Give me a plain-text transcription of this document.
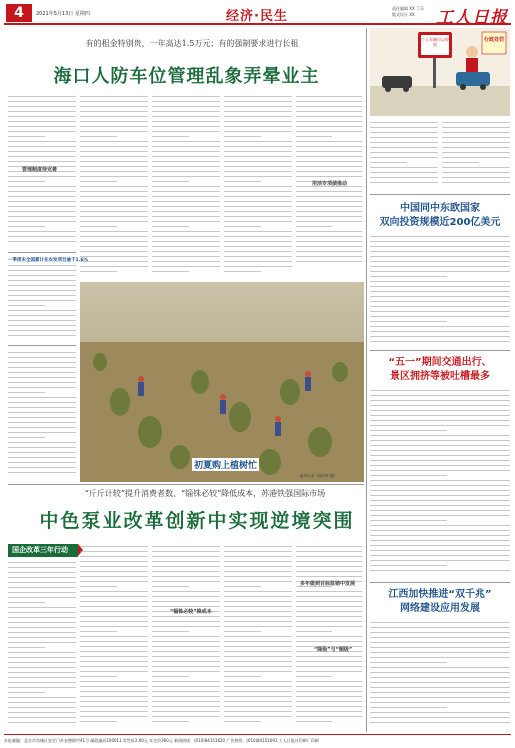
4	2021年5月13日 星期四	经济·民生
责任编辑 XX 丁乐
版式设计 XX	工人日报
有的租金特别贵，一年高达1.5万元；有的强制要求进行长租
海口人防车位管理乱象弄晕业主
管理制度待完善
用活专项债推动
一季度末全国累计在农发项目逾千1.6%
初夏购上植树忙
新华社发（杨学军 摄）
“斤斤计较”提升消费者数、“锱铢必较”降低成本，苏港铁强国际市场
中色泵业改革创新中实现逆境突围
国企改革三年行动
“锱铢必较”降成本
多年做到目标监销中发展
“降级”与“铜级”
个人车辆可以停放
行政处罚
中国同中东欧国家
双向投资规模近200亿美元
“五一”期间交通出行、
景区拥挤等被吐槽最多
江西加快推进“双千兆”
网络建设应用发展
社址邮编：北京市东城区安定门外安德路甲41号 邮政编码100011 零售价2.00元 年定价360元 新闻热线：(010)84151620 广告热线：(010)84151691 工人日报社印刷厂印刷
